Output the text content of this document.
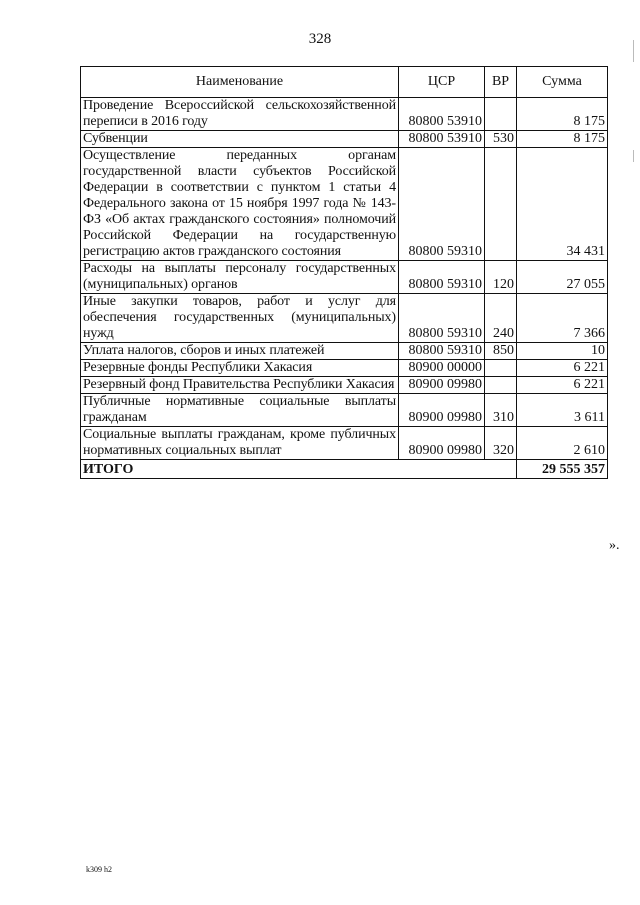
328
Наименование	ЦСР	ВР	Сумма
Проведение Всероссийской сельскохозяйственной переписи в 2016 году	80800 53910		8 175
Субвенции	80800 53910	530	8 175
Осуществление переданных органам государственной власти субъектов Российской Федерации в соответствии с пунктом 1 статьи 4 Федерального закона от 15 ноября 1997 года № 143-ФЗ «Об актах гражданского состояния» полномочий Российской Федерации на государственную регистрацию актов гражданского состояния	80800 59310		34 431
Расходы на выплаты персоналу государственных (муниципальных) органов	80800 59310	120	27 055
Иные закупки товаров, работ и услуг для обеспечения государственных (муниципальных) нужд	80800 59310	240	7 366
Уплата налогов, сборов и иных платежей	80800 59310	850	10
Резервные фонды Республики Хакасия	80900 00000		6 221
Резервный фонд Правительства Республики Хакасия	80900 09980		6 221
Публичные нормативные социальные выплаты гражданам	80900 09980	310	3 611
Социальные выплаты гражданам, кроме публичных нормативных социальных выплат	80900 09980	320	2 610
ИТОГО			29 555 357
».
k309 h2
